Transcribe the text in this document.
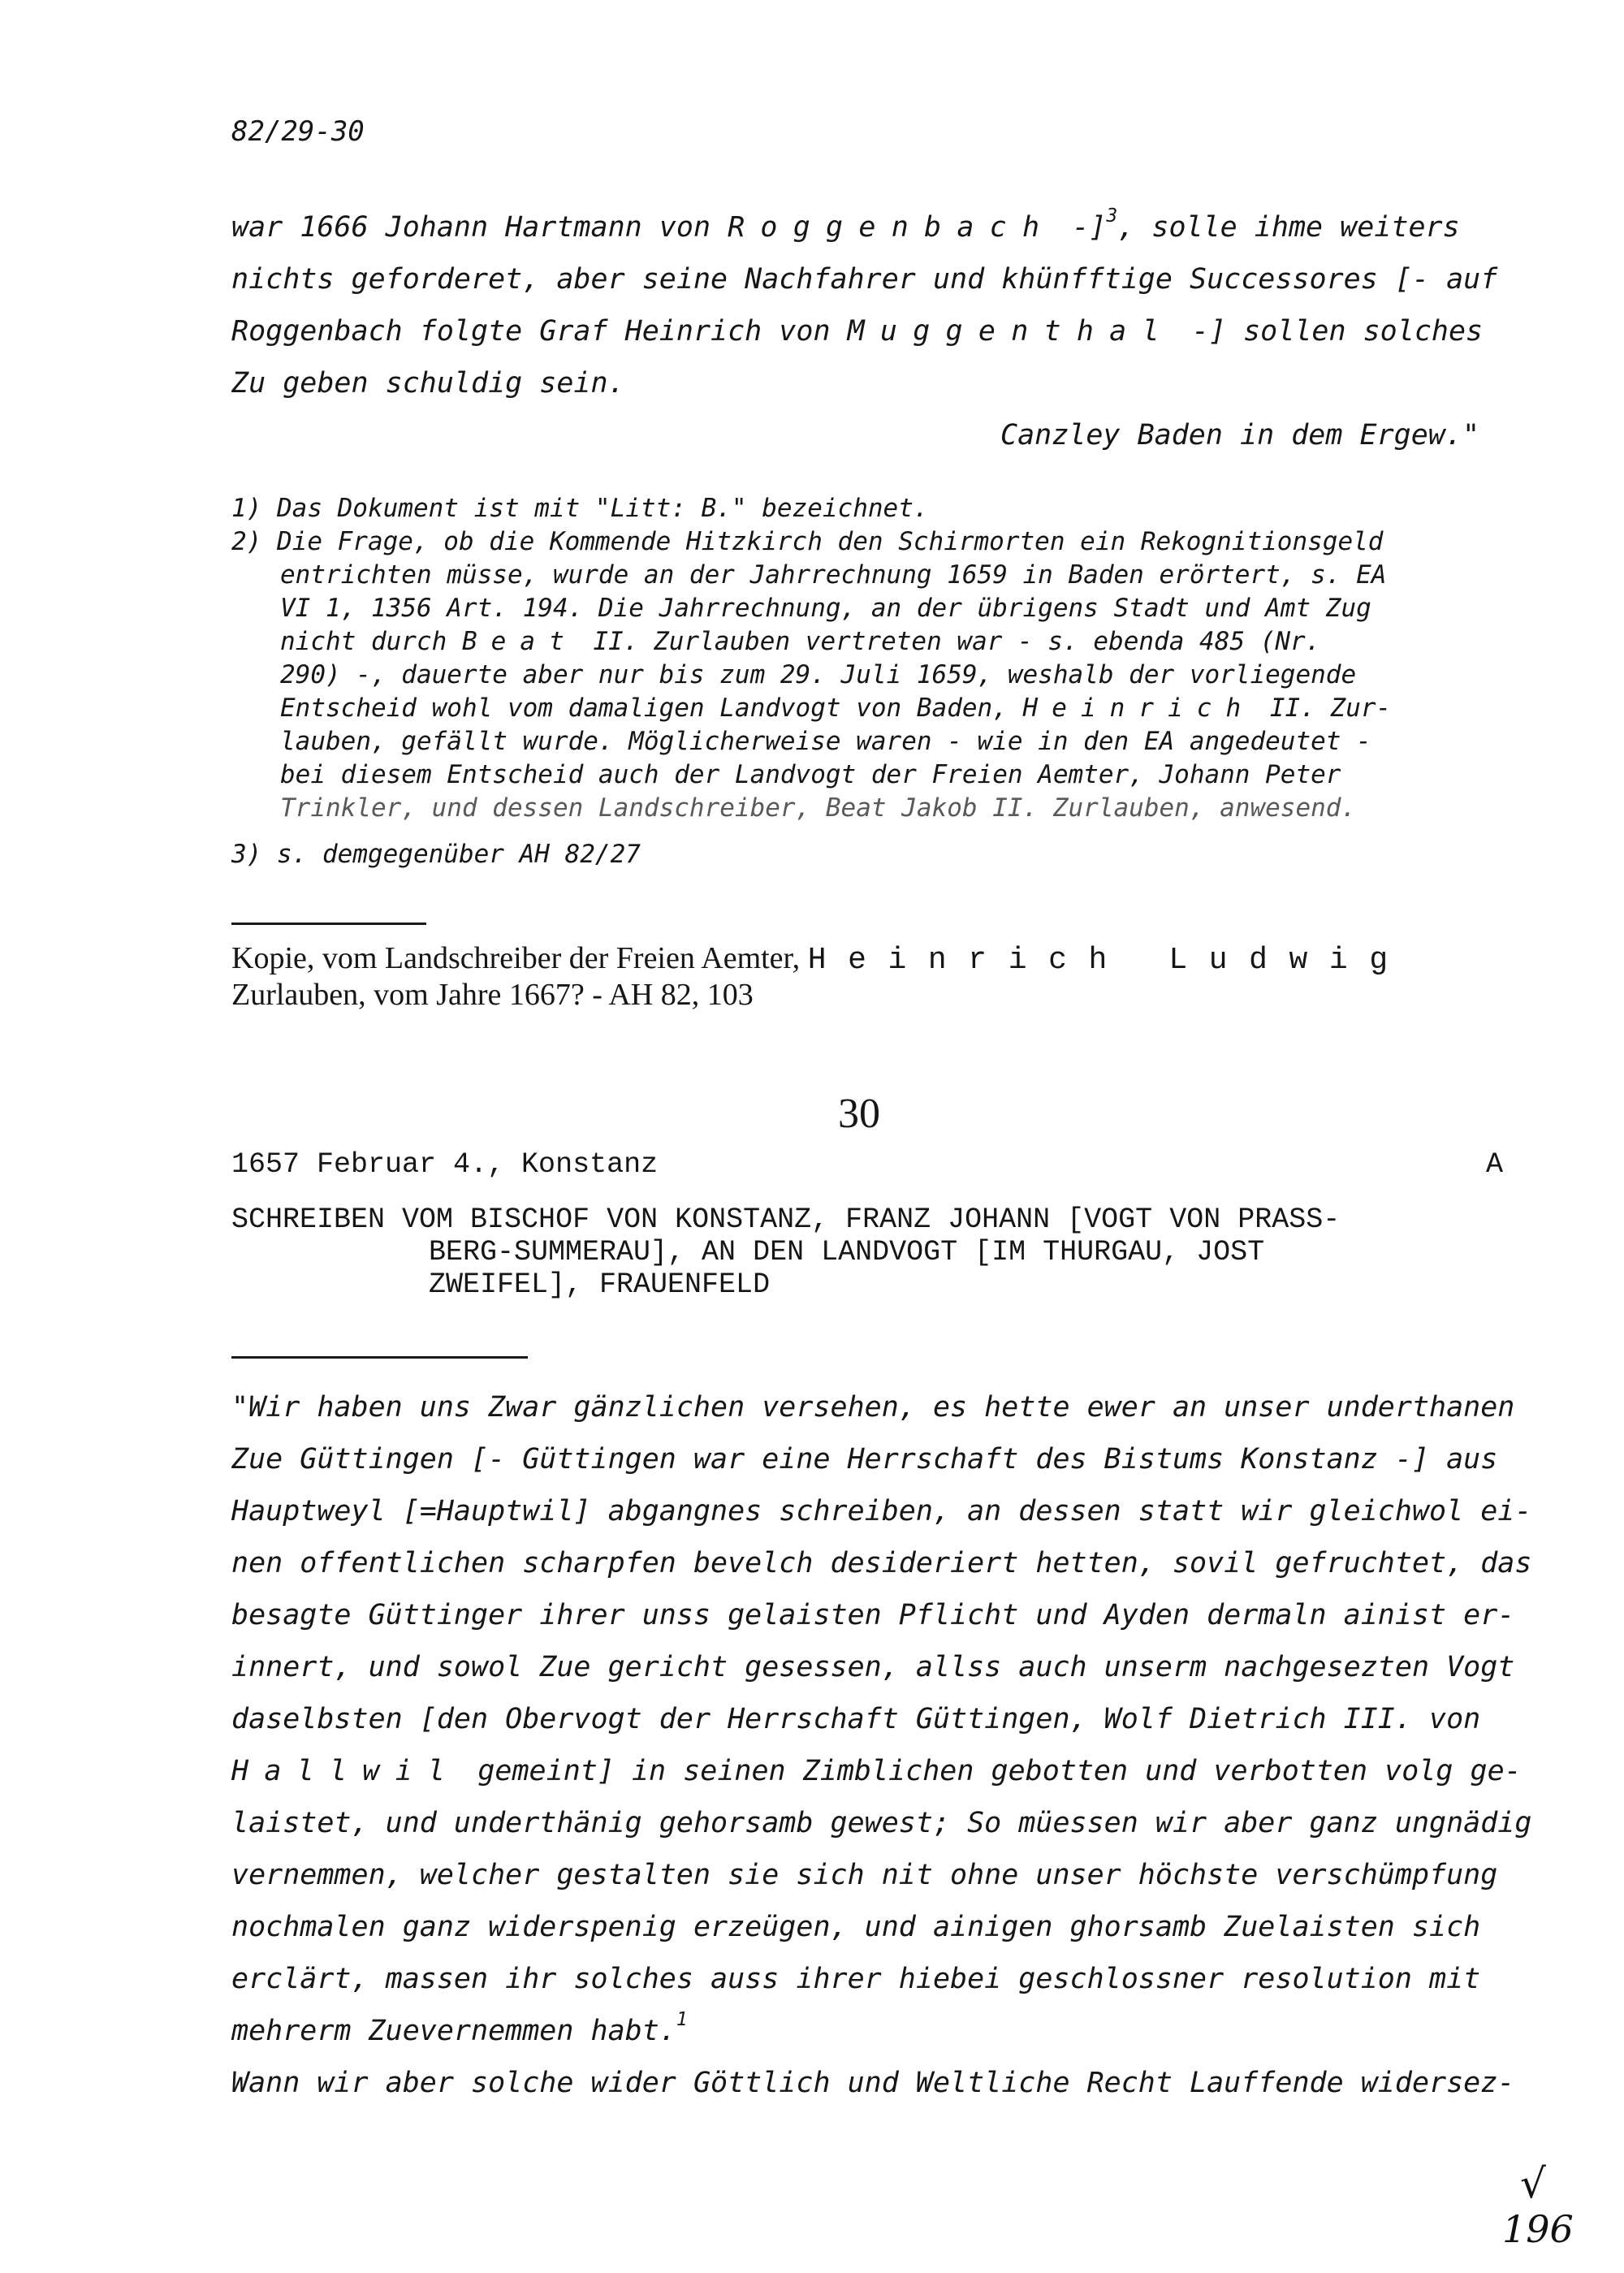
82/29-30
war 1666 Johann Hartmann von Roggenbach -]$^3$, solle ihme weiters
nichts geforderet, aber seine Nachfahrer und khünfftige Successores [- auf
Roggenbach folgte Graf Heinrich von Muggenthal -] sollen solches
Zu geben schuldig sein.
Canzley Baden in dem Ergew."
1) Das Dokument ist mit "Litt: B." bezeichnet.
2) Die Frage, ob die Kommende Hitzkirch den Schirmorten ein Rekognitionsgeld
entrichten müsse, wurde an der Jahrrechnung 1659 in Baden erörtert, s. EA
VI 1, 1356 Art. 194. Die Jahrrechnung, an der übrigens Stadt und Amt Zug
nicht durch Beat II. Zurlauben vertreten war - s. ebenda 485 (Nr.
290) -, dauerte aber nur bis zum 29. Juli 1659, weshalb der vorliegende
Entscheid wohl vom damaligen Landvogt von Baden, Heinrich II. Zur-
lauben, gefällt wurde. Möglicherweise waren - wie in den EA angedeutet -
bei diesem Entscheid auch der Landvogt der Freien Aemter, Johann Peter
Trinkler, und dessen Landschreiber, Beat Jakob II. Zurlauben, anwesend.
3) s. demgegenüber AH 82/27
Kopie, vom Landschreiber der Freien Aemter, Heinrich Ludwig
Zurlauben, vom Jahre 1667? - AH 82, 103
30
1657 Februar 4., Konstanz	A
SCHREIBEN VOM BISCHOF VON KONSTANZ, FRANZ JOHANN [VOGT VON PRASS-
BERG-SUMMERAU], AN DEN LANDVOGT [IM THURGAU, JOST
ZWEIFEL], FRAUENFELD
"Wir haben uns Zwar gänzlichen versehen, es hette ewer an unser underthanen
Zue Güttingen [- Güttingen war eine Herrschaft des Bistums Konstanz -] aus
Hauptweyl [=Hauptwil] abgangnes schreiben, an dessen statt wir gleichwol ei-
nen offentlichen scharpfen bevelch desideriert hetten, sovil gefruchtet, das
besagte Güttinger ihrer unss gelaisten Pflicht und Ayden dermaln ainist er-
innert, und sowol Zue gericht gesessen, allss auch unserm nachgesezten Vogt
daselbsten [den Obervogt der Herrschaft Güttingen, Wolf Dietrich III. von
Hallwil gemeint] in seinen Zimblichen gebotten und verbotten volg ge-
laistet, und underthänig gehorsamb gewest; So müessen wir aber ganz ungnädig
vernemmen, welcher gestalten sie sich nit ohne unser höchste verschümpfung
nochmalen ganz widerspenig erzeügen, und ainigen ghorsamb Zuelaisten sich
erclärt, massen ihr solches auss ihrer hiebei geschlossner resolution mit
mehrerm Zuevernemmen habt.$^1$
Wann wir aber solche wider Göttlich und Weltliche Recht Lauffende widersez-
√
196
